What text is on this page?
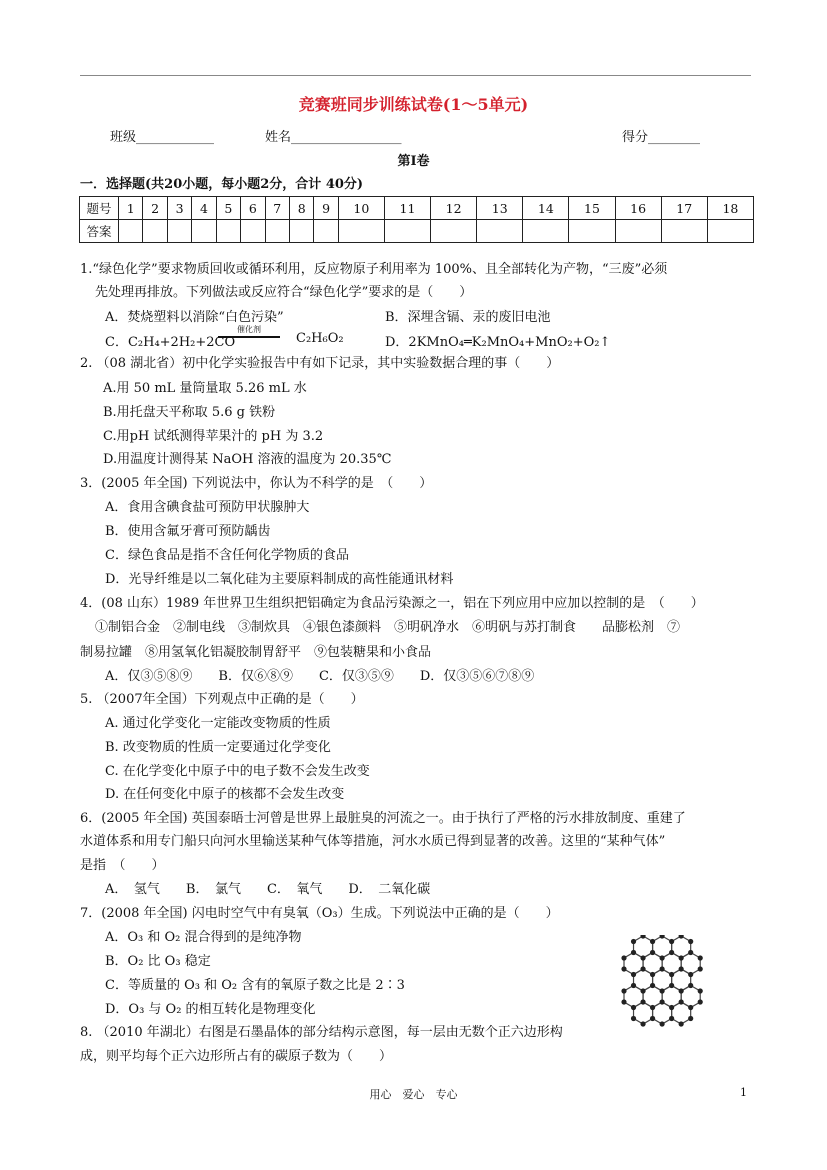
竞赛班同步训练试卷(1～5单元)
班级____________	姓名_________________	得分________
第Ⅰ卷
一．选择题(共20小题，每小题2分，合计 40分)
题号	1	2	3	4	5	6	7	8	9	10	11	12	13	14	15	16	17	18
答案																		
1.“绿色化学”要求物质回收或循环利用，反应物原子利用率为 100%、且全部转化为产物，“三废”必须
先处理再排放。下列做法或反应符合“绿色化学”要求的是（　　）
A．焚烧塑料以消除“白色污染”	B．深埋含镉、汞的废旧电池
C．C₂H₄+2H₂+2CO
催化剂
C₂H₆O₂	D．2KMnO₄═K₂MnO₄+MnO₂+O₂↑
2. （08 湖北省）初中化学实验报告中有如下记录，其中实验数据合理的事（　　）
A.用 50 mL 量筒量取 5.26 mL 水
B.用托盘天平称取 5.6 g 铁粉
C.用pH 试纸测得苹果汁的 pH 为 3.2
D.用温度计测得某 NaOH 溶液的温度为 20.35℃
3．(2005 年全国) 下列说法中，你认为不科学的是　（　　）
A．食用含碘食盐可预防甲状腺肿大
B．使用含氟牙膏可预防龋齿
C．绿色食品是指不含任何化学物质的食品
D．光导纤维是以二氧化硅为主要原料制成的高性能通讯材料
4．(08 山东）1989 年世界卫生组织把铝确定为食品污染源之一，铝在下列应用中应加以控制的是　（　　）
①制铝合金　②制电线　③制炊具　④银色漆颜料　⑤明矾净水　⑥明矾与苏打制食　　品膨松剂　⑦
制易拉罐　⑧用氢氧化铝凝胶制胃舒平　⑨包装糖果和小食品
A．仅③⑤⑧⑨　　B．仅⑥⑧⑨　　C．仅③⑤⑨　　D．仅③⑤⑥⑦⑧⑨
5. （2007年全国）下列观点中正确的是（　　）
A. 通过化学变化一定能改变物质的性质
B. 改变物质的性质一定要通过化学变化
C. 在化学变化中原子中的电子数不会发生改变
D. 在任何变化中原子的核都不会发生改变
6．(2005 年全国) 英国泰晤士河曾是世界上最脏臭的河流之一。由于执行了严格的污水排放制度、重建了
水道体系和用专门船只向河水里输送某种气体等措施，河水水质已得到显著的改善。这里的“某种气体”
是指　（　　）
A．　氢气　　B．　氯气　　C．　氧气　　D．　二氧化碳
7．(2008 年全国) 闪电时空气中有臭氧（O₃）生成。下列说法中正确的是（　　）
A．O₃ 和 O₂ 混合得到的是纯净物
B．O₂ 比 O₃ 稳定
C．等质量的 O₃ 和 O₂ 含有的氧原子数之比是 2∶3
D．O₃ 与 O₂ 的相互转化是物理变化
8. （2010 年湖北）右图是石墨晶体的部分结构示意图，每一层由无数个正六边形构
成，则平均每个正六边形所占有的碳原子数为（　　）
用心　爱心　专心	1
